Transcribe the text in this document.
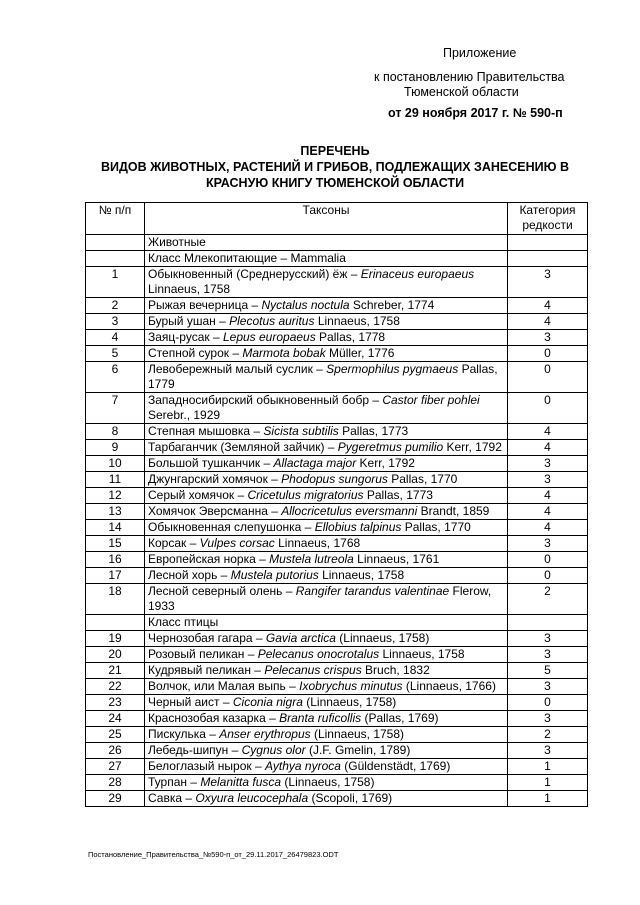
Приложение
к постановлению Правительства
Тюменской области
от 29 ноября 2017 г. № 590-п
ПЕРЕЧЕНЬ
ВИДОВ ЖИВОТНЫХ, РАСТЕНИЙ И ГРИБОВ, ПОДЛЕЖАЩИХ ЗАНЕСЕНИЮ В
КРАСНУЮ КНИГУ ТЮМЕНСКОЙ ОБЛАСТИ
№ п/п	Таксоны	Категория редкости
	Животные	
	Класс Млекопитающие – Mammalia	
1	Обыкновенный (Среднерусский) ёж – Erinaceus europaeus Linnaeus, 1758	3
2	Рыжая вечерница – Nyctalus noctula Schreber, 1774	4
3	Бурый ушан – Plecotus auritus Linnaeus, 1758	4
4	Заяц-русак – Lepus europaeus Pallas, 1778	3
5	Степной сурок – Marmota bobak Müller, 1776	0
6	Левобережный малый суслик – Spermophilus pygmaeus Pallas, 1779	0
7	Западносибирский обыкновенный бобр – Castor fiber pohlei Serebr., 1929	0
8	Степная мышовка – Sicista subtilis Pallas, 1773	4
9	Тарбаганчик (Земляной зайчик) – Pygeretmus pumilio Kerr, 1792	4
10	Большой тушканчик – Allactaga major Kerr, 1792	3
11	Джунгарский хомячок – Phodopus sungorus Pallas, 1770	3
12	Серый хомячок – Cricetulus migratorius Pallas, 1773	4
13	Хомячок Эверсманна – Allocricetulus eversmanni Brandt, 1859	4
14	Обыкновенная слепушонка – Ellobius talpinus Pallas, 1770	4
15	Корсак – Vulpes corsac Linnaeus, 1768	3
16	Европейская норка – Mustela lutreola Linnaeus, 1761	0
17	Лесной хорь – Mustela putorius Linnaeus, 1758	0
18	Лесной северный олень – Rangifer tarandus valentinae Flerow, 1933	2
	Класс птицы	
19	Чернозобая гагара – Gavia arctica (Linnaeus, 1758)	3
20	Розовый пеликан – Pelecanus onocrotalus Linnaeus, 1758	3
21	Кудрявый пеликан – Pelecanus crispus Bruch, 1832	5
22	Волчок, или Малая выпь – Ixobrychus minutus (Linnaeus, 1766)	3
23	Черный аист – Ciconia nigra (Linnaeus, 1758)	0
24	Краснозобая казарка – Branta ruficollis (Pallas, 1769)	3
25	Пискулька – Anser erythropus (Linnaeus, 1758)	2
26	Лебедь-шипун – Cygnus olor (J.F. Gmelin, 1789)	3
27	Белоглазый нырок – Aythya nyroca (Güldenstädt, 1769)	1
28	Турпан – Melanitta fusca (Linnaeus, 1758)	1
29	Савка – Oxyura leucocephala (Scopoli, 1769)	1
Постановление_Правительства_№590-п_от_29.11.2017_26479823.ODT
